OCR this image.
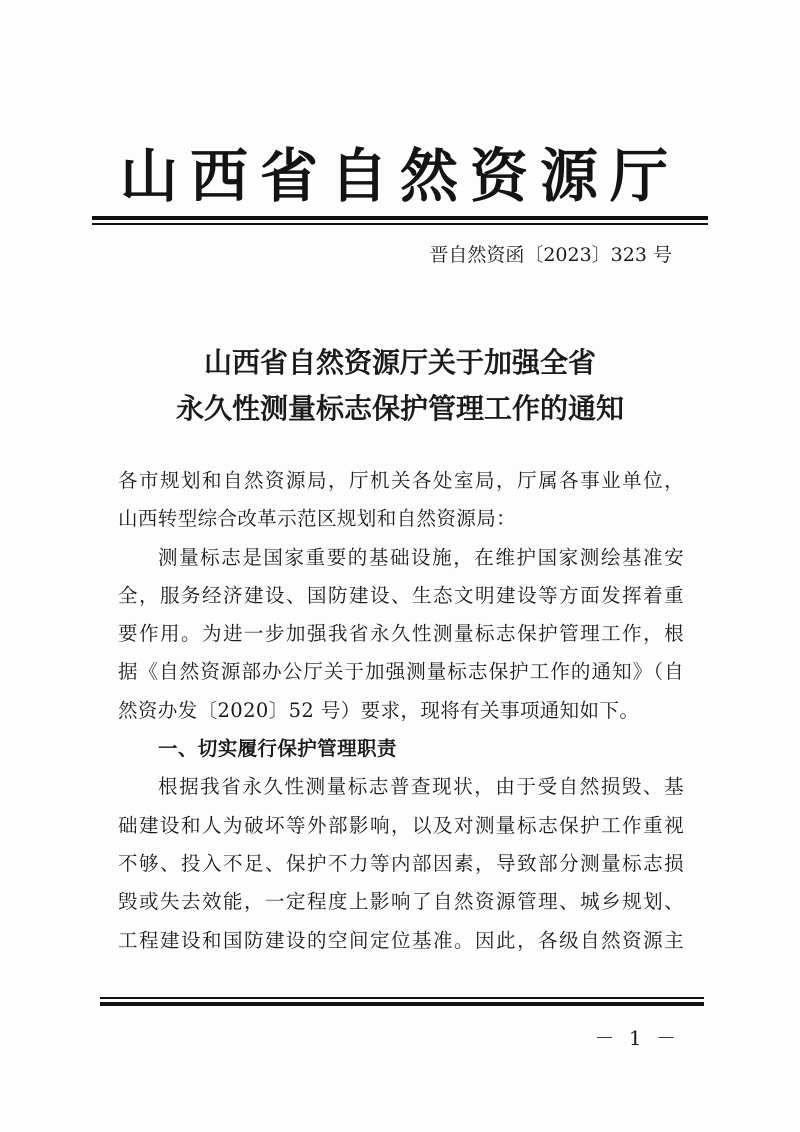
山西省自然资源厅
晋自然资函〔2023〕323 号
山西省自然资源厅关于加强全省
永久性测量标志保护管理工作的通知

各市规划和自然资源局，厅机关各处室局，厅属各事业单位，
山西转型综合改革示范区规划和自然资源局：

测量标志是国家重要的基础设施，在维护国家测绘基准安
全，服务经济建设、国防建设、生态文明建设等方面发挥着重
要作用。为进一步加强我省永久性测量标志保护管理工作，根
据《自然资源部办公厅关于加强测量标志保护工作的通知》（自
然资办发〔2020〕52 号）要求，现将有关事项通知如下。

一、切实履行保护管理职责

根据我省永久性测量标志普查现状，由于受自然损毁、基
础建设和人为破坏等外部影响，以及对测量标志保护工作重视
不够、投入不足、保护不力等内部因素，导致部分测量标志损
毁或失去效能，一定程度上影响了自然资源管理、城乡规划、
工程建设和国防建设的空间定位基准。因此，各级自然资源主

－ 1 －
